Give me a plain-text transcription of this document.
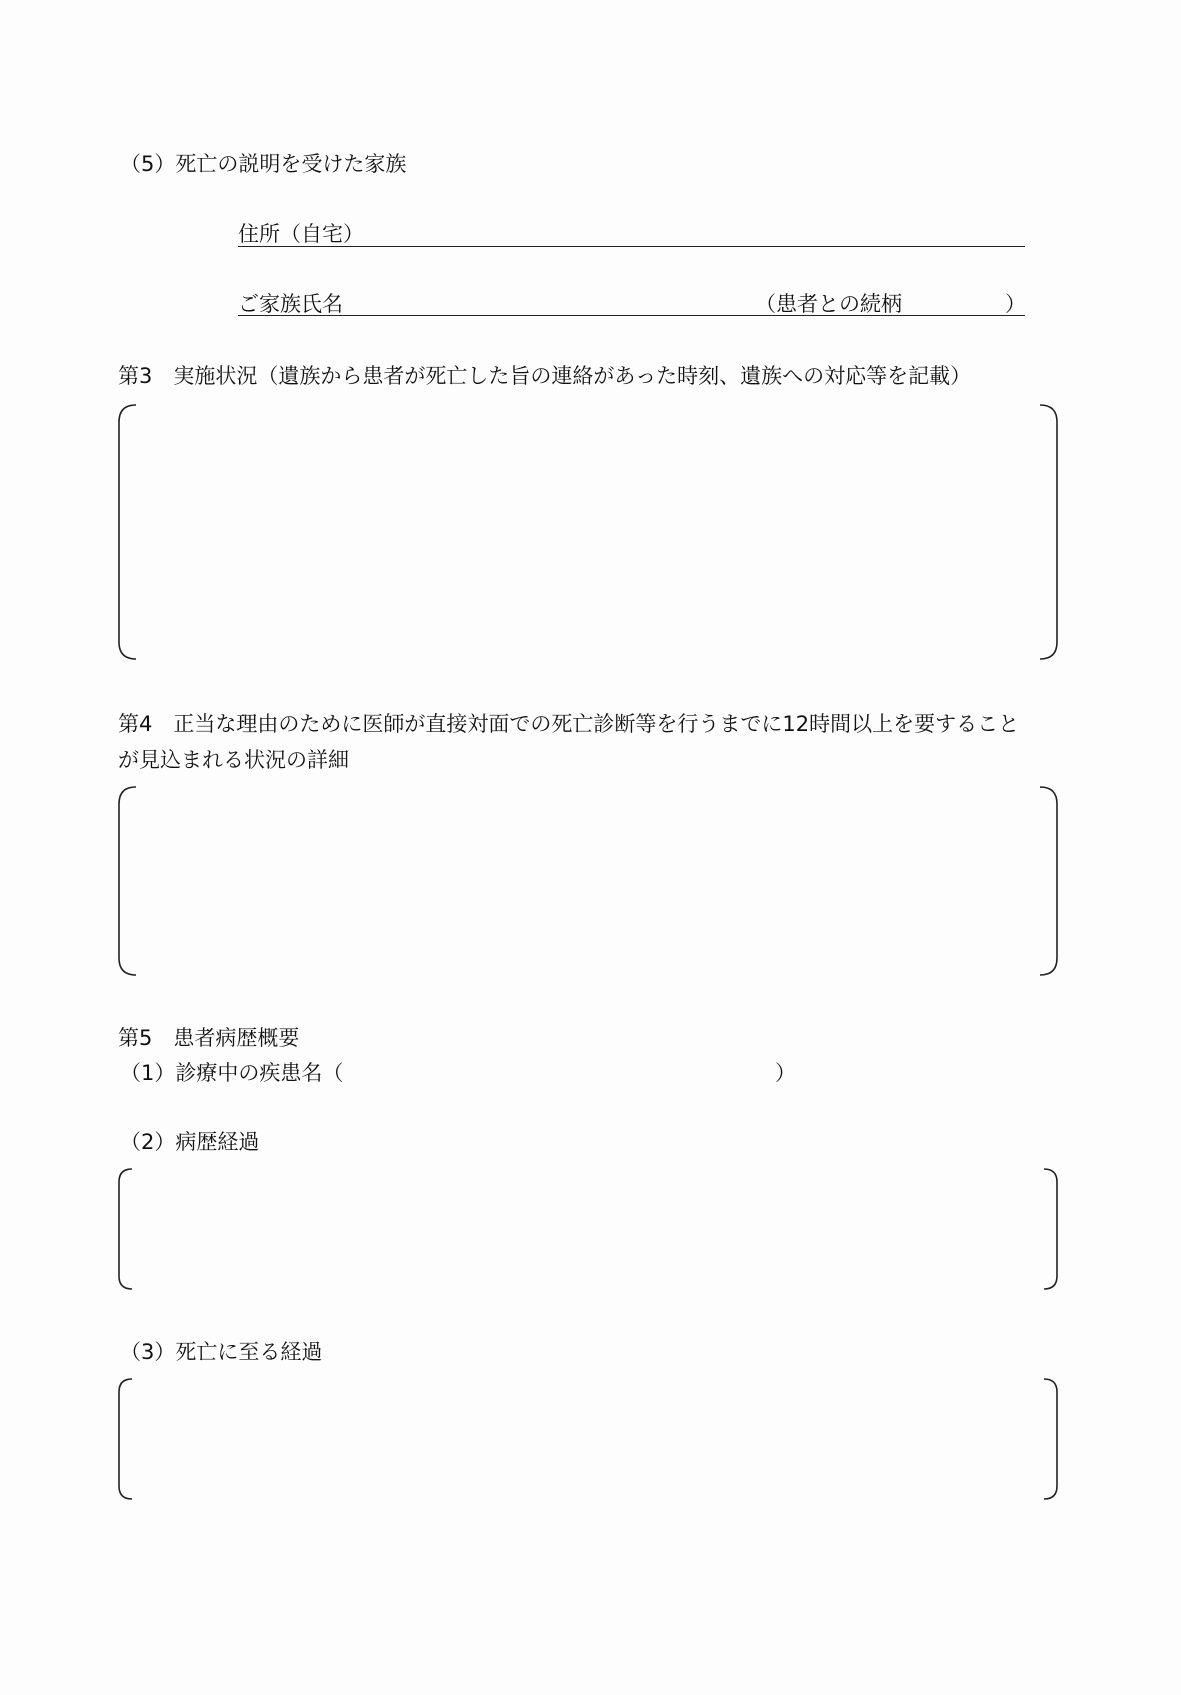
（5）死亡の説明を受けた家族
住所（自宅）
ご家族氏名	（患者との続柄	）
第3　実施状況（遺族から患者が死亡した旨の連絡があった時刻、遺族への対応等を記載）
第4　正当な理由のために医師が直接対面での死亡診断等を行うまでに12時間以上を要すること
が見込まれる状況の詳細
第5　患者病歴概要
（1）診療中の疾患名（	）
（2）病歴経過
（3）死亡に至る経過
